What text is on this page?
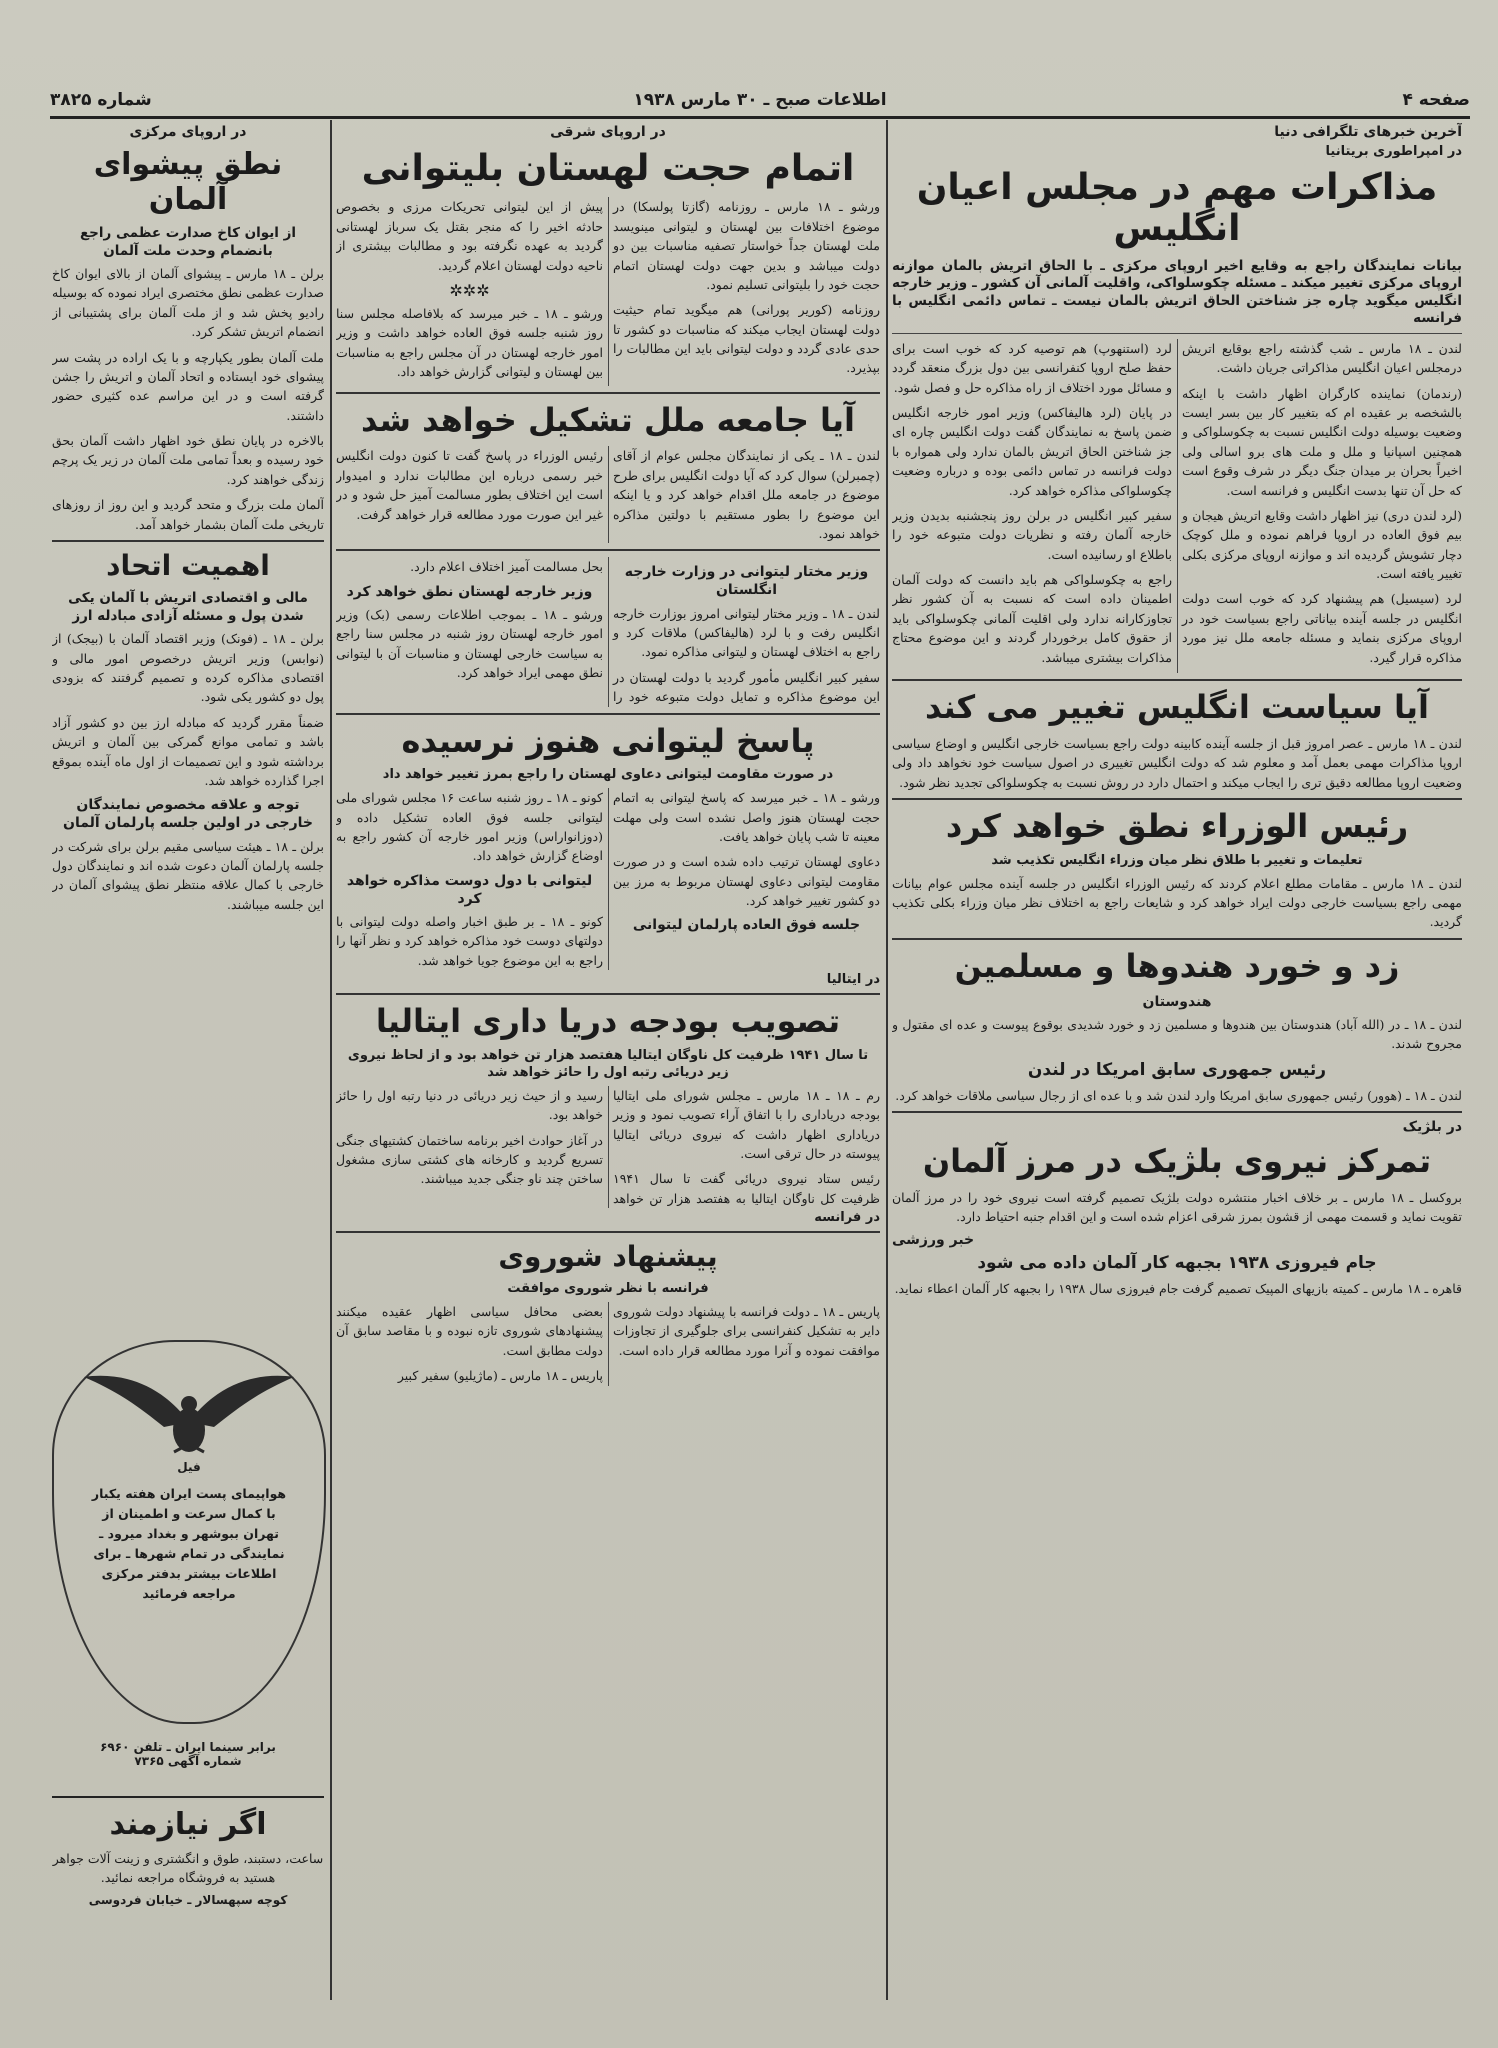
صفحه ۴
اطلاعات صبح ـ ۳۰ مارس ۱۹۳۸
شماره ۳۸۲۵
آخرین خبرهای تلگرافی دنیا
در امپراطوری بریتانیا
مذاکرات مهم در مجلس اعیان انگلیس
بیانات نمایندگان راجع به وقایع اخیر اروپای مرکزی ـ با الحاق اتریش بالمان موازنه اروپای مرکزی تغییر میکند ـ مسئله چکوسلواکی، واقلیت آلمانی آن کشور ـ وزیر خارجه انگلیس میگوید چاره جز شناختن الحاق اتریش بالمان نیست ـ تماس دائمی انگلیس با فرانسه

لندن ـ ۱۸ مارس ـ شب گذشته راجع بوقایع اتریش درمجلس اعیان انگلیس مذاکراتی جریان داشت.

(رندمان) نماینده کارگران اظهار داشت با اینکه بالشخصه بر عقیده ام که بتغییر کار بین بسر ایست وضعیت بوسیله دولت انگلیس نسبت به چکوسلواکی و همچنین اسپانیا و ملل و ملت های برو اسالی ولی اخیراً بحران بر میدان جنگ دیگر در شرف وقوع است که حل آن تنها بدست انگلیس و فرانسه است.

(لرد لندن دری) نیز اظهار داشت وقایع اتریش هیجان و بیم فوق العاده در اروپا فراهم نموده و ملل کوچک دچار تشویش گردیده اند و موازنه اروپای مرکزی بکلی تغییر یافته است.

لرد (سیسیل) هم پیشنهاد کرد که خوب است دولت انگلیس در جلسه آینده بیاناتی راجع بسیاست خود در اروپای مرکزی بنماید و مسئله جامعه ملل نیز مورد مذاکره قرار گیرد.

لرد (استنهوپ) هم توصیه کرد که خوب است برای حفظ صلح اروپا کنفرانسی بین دول بزرگ منعقد گردد و مسائل مورد اختلاف از راه مذاکره حل و فصل شود.

در پایان (لرد هالیفاکس) وزیر امور خارجه انگلیس ضمن پاسخ به نمایندگان گفت دولت انگلیس چاره ای جز شناختن الحاق اتریش بالمان ندارد ولی همواره با دولت فرانسه در تماس دائمی بوده و درباره وضعیت چکوسلواکی مذاکره خواهد کرد.

سفیر کبیر انگلیس در برلن روز پنجشنبه بدیدن وزیر خارجه آلمان رفته و نظریات دولت متبوعه خود را باطلاع او رسانیده است.

راجع به چکوسلواکی هم باید دانست که دولت آلمان اطمینان داده است که نسبت به آن کشور نظر تجاوزکارانه ندارد ولی اقلیت آلمانی چکوسلواکی باید از حقوق کامل برخوردار گردند و این موضوع محتاج مذاکرات بیشتری میباشد.

آیا سیاست انگلیس تغییر می کند

لندن ـ ۱۸ مارس ـ عصر امروز قبل از جلسه آینده کابینه دولت راجع بسیاست خارجی انگلیس و اوضاع سیاسی اروپا مذاکرات مهمی بعمل آمد و معلوم شد که دولت انگلیس تغییری در اصول سیاست خود نخواهد داد ولی وضعیت اروپا مطالعه دقیق تری را ایجاب میکند و احتمال دارد در روش نسبت به چکوسلواکی تجدید نظر شود.

رئیس الوزراء نطق خواهد کرد
تعلیمات و تغییر با طلاق نظر میان وزراء انگلیس تکذیب شد

لندن ـ ۱۸ مارس ـ مقامات مطلع اعلام کردند که رئیس الوزراء انگلیس در جلسه آینده مجلس عوام بیانات مهمی راجع بسیاست خارجی دولت ایراد خواهد کرد و شایعات راجع به اختلاف نظر میان وزراء بکلی تکذیب گردید.

زد و خورد هندوها و مسلمین
هندوستان

لندن ـ ۱۸ ـ در (الله آباد) هندوستان بین هندوها و مسلمین زد و خورد شدیدی بوقوع پیوست و عده ای مقتول و مجروح شدند.

رئیس جمهوری سابق امریکا در لندن

لندن ـ ۱۸ ـ (هوور) رئیس جمهوری سابق امریکا وارد لندن شد و با عده ای از رجال سیاسی ملاقات خواهد کرد.

در بلژیک
تمرکز نیروی بلژیک در مرز آلمان

بروکسل ـ ۱۸ مارس ـ بر خلاف اخبار منتشره دولت بلژیک تصمیم گرفته است نیروی خود را در مرز آلمان تقویت نماید و قسمت مهمی از قشون بمرز شرقی اعزام شده است و این اقدام جنبه احتیاط دارد.

خبر ورزشی
جام فیروزی ۱۹۳۸ بجبهه کار آلمان داده می شود

قاهره ـ ۱۸ مارس ـ کمیته بازیهای المپیک تصمیم گرفت جام فیروزی سال ۱۹۳۸ را بجبهه کار آلمان اعطاء نماید.

در اروپای شرقی
اتمام حجت لهستان بلیتوانی

ورشو ـ ۱۸ مارس ـ روزنامه (گازتا پولسکا) در موضوع اختلافات بین لهستان و لیتوانی مینویسد ملت لهستان جداً خواستار تصفیه مناسبات بین دو دولت میباشد و بدین جهت دولت لهستان اتمام حجت خود را بلیتوانی تسلیم نمود.

روزنامه (کوریر پورانی) هم میگوید تمام حیثیت دولت لهستان ایجاب میکند که مناسبات دو کشور تا حدی عادی گردد و دولت لیتوانی باید این مطالبات را بپذیرد.

پیش از این لیتوانی تحریکات مرزی و بخصوص حادثه اخیر را که منجر بقتل یک سرباز لهستانی گردید به عهده نگرفته بود و مطالبات بیشتری از ناحیه دولت لهستان اعلام گردید.

✲✲✲

ورشو ـ ۱۸ ـ خبر میرسد که بلافاصله مجلس سنا روز شنبه جلسه فوق العاده خواهد داشت و وزیر امور خارجه لهستان در آن مجلس راجع به مناسبات بین لهستان و لیتوانی گزارش خواهد داد.

آیا جامعه ملل تشکیل خواهد شد

لندن ـ ۱۸ ـ یکی از نمایندگان مجلس عوام از آقای (چمبرلن) سوال کرد که آیا دولت انگلیس برای طرح موضوع در جامعه ملل اقدام خواهد کرد و یا اینکه این موضوع را بطور مستقیم با دولتین مذاکره خواهد نمود.

رئیس الوزراء در پاسخ گفت تا کنون دولت انگلیس خبر رسمی درباره این مطالبات ندارد و امیدوار است این اختلاف بطور مسالمت آمیز حل شود و در غیر این صورت مورد مطالعه قرار خواهد گرفت.

وزیر مختار لیتوانی در وزارت خارجه انگلستان

لندن ـ ۱۸ ـ وزیر مختار لیتوانی امروز بوزارت خارجه انگلیس رفت و با لرد (هالیفاکس) ملاقات کرد و راجع به اختلاف لهستان و لیتوانی مذاکره نمود.

سفیر کبیر انگلیس مأمور گردید با دولت لهستان در این موضوع مذاکره و تمایل دولت متبوعه خود را بحل مسالمت آمیز اختلاف اعلام دارد.

وزیر خارجه لهستان نطق خواهد کرد

ورشو ـ ۱۸ ـ بموجب اطلاعات رسمی (بک) وزیر امور خارجه لهستان روز شنبه در مجلس سنا راجع به سیاست خارجی لهستان و مناسبات آن با لیتوانی نطق مهمی ایراد خواهد کرد.

پاسخ لیتوانی هنوز نرسیده
در صورت مقاومت لیتوانی دعاوی لهستان را راجع بمرز تغییر خواهد داد

ورشو ـ ۱۸ ـ خبر میرسد که پاسخ لیتوانی به اتمام حجت لهستان هنوز واصل نشده است ولی مهلت معینه تا شب پایان خواهد یافت.

دعاوی لهستان ترتیب داده شده است و در صورت مقاومت لیتوانی دعاوی لهستان مربوط به مرز بین دو کشور تغییر خواهد کرد.

جلسه فوق العاده پارلمان لیتوانی

کونو ـ ۱۸ ـ روز شنبه ساعت ۱۶ مجلس شورای ملی لیتوانی جلسه فوق العاده تشکیل داده و (دوزانواراس) وزیر امور خارجه آن کشور راجع به اوضاع گزارش خواهد داد.

لیتوانی با دول دوست مذاکره خواهد کرد

کونو ـ ۱۸ ـ بر طبق اخبار واصله دولت لیتوانی با دولتهای دوست خود مذاکره خواهد کرد و نظر آنها را راجع به این موضوع جویا خواهد شد.

در ایتالیا
تصویب بودجه دریا داری ایتالیا
تا سال ۱۹۴۱ ظرفیت کل ناوگان ایتالیا هفتصد هزار تن خواهد بود و از لحاظ نیروی زیر دریائی رتبه اول را حائز خواهد شد

رم ـ ۱۸ ـ ۱۸ مارس ـ مجلس شورای ملی ایتالیا بودجه دریاداری را با اتفاق آراء تصویب نمود و وزیر دریاداری اظهار داشت که نیروی دریائی ایتالیا پیوسته در حال ترقی است.

رئیس ستاد نیروی دریائی گفت تا سال ۱۹۴۱ ظرفیت کل ناوگان ایتالیا به هفتصد هزار تن خواهد رسید و از حیث زیر دریائی در دنیا رتبه اول را حائز خواهد بود.

در آغاز حوادث اخیر برنامه ساختمان کشتیهای جنگی تسریع گردید و کارخانه های کشتی سازی مشغول ساختن چند ناو جنگی جدید میباشند.

در فرانسه
پیشنهاد شوروی
فرانسه با نظر شوروی موافقت

پاریس ـ ۱۸ ـ دولت فرانسه با پیشنهاد دولت شوروی دایر به تشکیل کنفرانسی برای جلوگیری از تجاوزات موافقت نموده و آنرا مورد مطالعه قرار داده است.

بعضی محافل سیاسی اظهار عقیده میکنند پیشنهادهای شوروی تازه نبوده و با مقاصد سابق آن دولت مطابق است.

پاریس ـ ۱۸ مارس ـ (ماژیلیو) سفیر کبیر

در اروپای مرکزی
نطق پیشوای آلمان
از ایوان کاخ صدارت عظمی راجع بانضمام وحدت ملت آلمان

برلن ـ ۱۸ مارس ـ پیشوای آلمان از بالای ایوان کاخ صدارت عظمی نطق مختصری ایراد نموده که بوسیله رادیو پخش شد و از ملت آلمان برای پشتیبانی از انضمام اتریش تشکر کرد.

ملت آلمان بطور یکپارچه و با یک اراده در پشت سر پیشوای خود ایستاده و اتحاد آلمان و اتریش را جشن گرفته است و در این مراسم عده کثیری حضور داشتند.

بالاخره در پایان نطق خود اظهار داشت آلمان بحق خود رسیده و بعداً تمامی ملت آلمان در زیر یک پرچم زندگی خواهند کرد.

آلمان ملت بزرگ و متحد گردید و این روز از روزهای تاریخی ملت آلمان بشمار خواهد آمد.

اهمیت اتحاد
مالی و اقتصادی اتریش با آلمان یکی شدن پول و مسئله آزادی مبادله ارز

برلن ـ ۱۸ ـ (فونک) وزیر اقتصاد آلمان با (بیجک) از (نوابس) وزیر اتریش درخصوص امور مالی و اقتصادی مذاکره کرده و تصمیم گرفتند که بزودی پول دو کشور یکی شود.

ضمناً مقرر گردید که مبادله ارز بین دو کشور آزاد باشد و تمامی موانع گمرکی بین آلمان و اتریش برداشته شود و این تصمیمات از اول ماه آینده بموقع اجرا گذارده خواهد شد.

توجه و علاقه مخصوص نمایندگان خارجی در اولین جلسه پارلمان آلمان

برلن ـ ۱۸ ـ هیئت سیاسی مقیم برلن برای شرکت در جلسه پارلمان آلمان دعوت شده اند و نمایندگان دول خارجی با کمال علاقه منتظر نطق پیشوای آلمان در این جلسه میباشند.

فیل
هواپیمای پست ایران هفته یکبار با کمال سرعت و اطمینان از تهران ببوشهر و بغداد میرود ـ نمایندگی در تمام شهرها ـ برای اطلاعات بیشتر بدفتر مرکزی مراجعه فرمائید
برابر سینما ایران ـ تلفن ۶۹۶۰
شماره آگهی ۷۳۶۵
اگر نیازمند

ساعت، دستبند، طوق و انگشتری و زینت آلات جواهر هستید به فروشگاه مراجعه نمائید.

کوچه سپهسالار ـ خیابان فردوسی
